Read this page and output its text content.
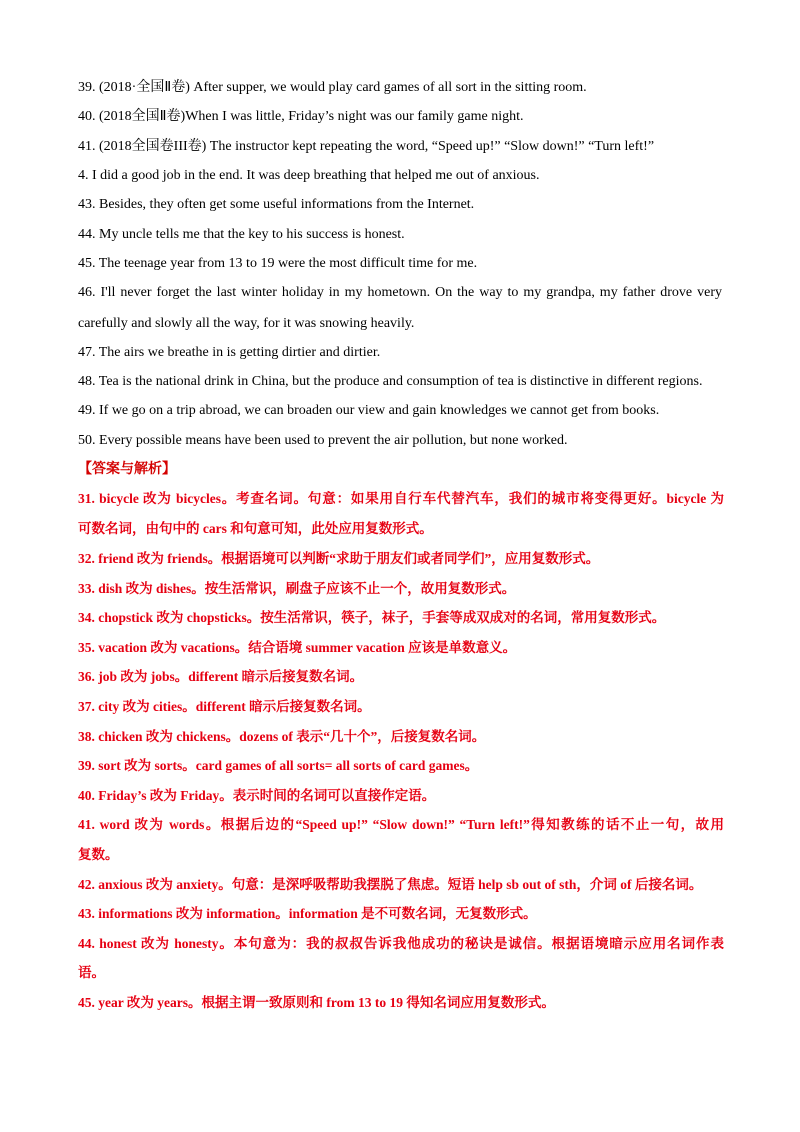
39. (2018·全国Ⅱ卷) After supper, we would play card games of all sort in the sitting room.
40. (2018全国Ⅱ卷)When I was little, Friday’s night was our family game night.
41. (2018全国卷III卷) The instructor kept repeating the word, “Speed up!” “Slow down!” “Turn left!”
4. I did a good job in the end. It was deep breathing that helped me out of anxious.
43. Besides, they often get some useful informations from the Internet.
44. My uncle tells me that the key to his success is honest.
45. The teenage year from 13 to 19 were the most difficult time for me.
46. I'll never forget the last winter holiday in my hometown. On the way to my grandpa, my father drove very
carefully and slowly all the way, for it was snowing heavily.
47. The airs we breathe in is getting dirtier and dirtier.
48. Tea is the national drink in China, but the produce and consumption of tea is distinctive in different regions.
49. If we go on a trip abroad, we can broaden our view and gain knowledges we cannot get from books.
50. Every possible means have been used to prevent the air pollution, but none worked.
【答案与解析】
31. bicycle 改为 bicycles。考查名词。句意：如果用自行车代替汽车，我们的城市将变得更好。bicycle 为
可数名词，由句中的 cars 和句意可知，此处应用复数形式。
32. friend 改为 friends。根据语境可以判断“求助于朋友们或者同学们”，应用复数形式。
33. dish 改为 dishes。按生活常识，刷盘子应该不止一个，故用复数形式。
34. chopstick 改为 chopsticks。按生活常识，筷子，袜子，手套等成双成对的名词，常用复数形式。
35. vacation 改为 vacations。结合语境 summer vacation 应该是单数意义。
36. job 改为 jobs。different 暗示后接复数名词。
37. city 改为 cities。different 暗示后接复数名词。
38. chicken 改为 chickens。dozens of 表示“几十个”，后接复数名词。
39. sort 改为 sorts。card games of all sorts= all sorts of card games。
40. Friday’s 改为 Friday。表示时间的名词可以直接作定语。
41. word 改为 words。根据后边的“Speed up!” “Slow down!” “Turn left!”得知教练的话不止一句，故用
复数。
42. anxious 改为 anxiety。句意：是深呼吸帮助我摆脱了焦虑。短语 help sb out of sth，介词 of 后接名词。
43. informations 改为 information。information 是不可数名词，无复数形式。
44. honest 改为 honesty。本句意为：我的叔叔告诉我他成功的秘诀是诚信。根据语境暗示应用名词作表
语。
45. year 改为 years。根据主谓一致原则和 from 13 to 19 得知名词应用复数形式。
